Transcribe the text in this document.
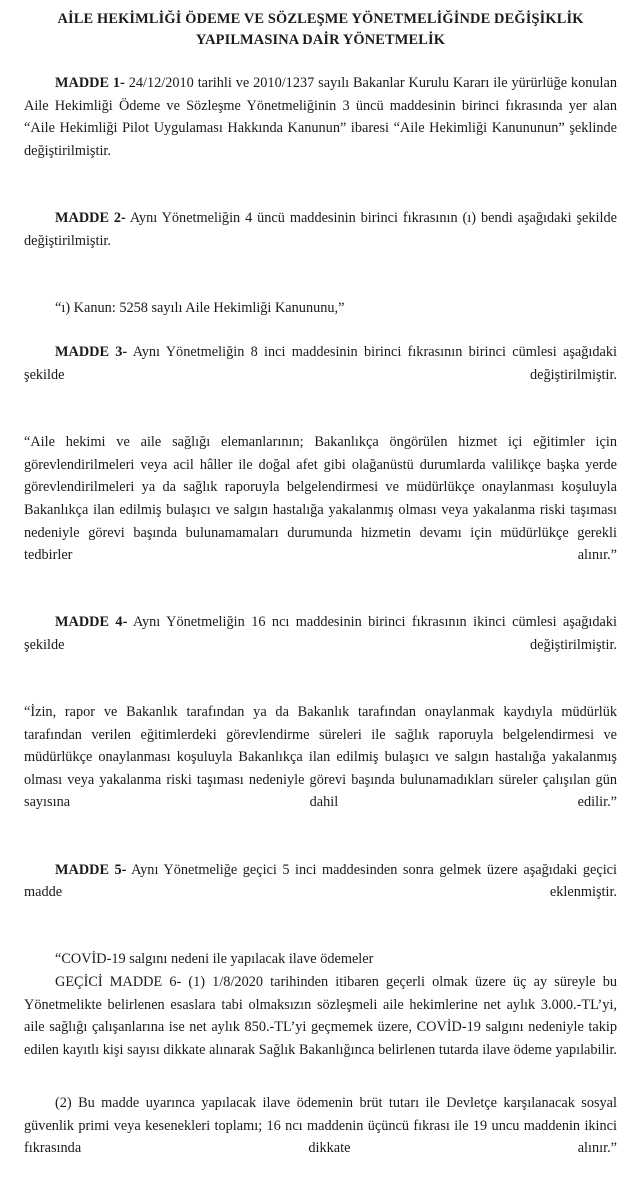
AİLE HEKİMLİĞİ ÖDEME VE SÖZLEŞME YÖNETMELİĞİNDE DEĞİŞİKLİK
YAPILMASINA DAİR YÖNETMELİK

MADDE 1- 24/12/2010 tarihli ve 2010/1237 sayılı Bakanlar Kurulu Kararı ile yürürlüğe konulan Aile Hekimliği Ödeme ve Sözleşme Yönetmeliğinin 3 üncü maddesinin birinci fıkrasında yer alan “Aile Hekimliği Pilot Uygulaması Hakkında Kanunun” ibaresi “Aile Hekimliği Kanununun” şeklinde değiştirilmiştir.

MADDE 2- Aynı Yönetmeliğin 4 üncü maddesinin birinci fıkrasının (ı) bendi aşağıdaki şekilde değiştirilmiştir.

“ı) Kanun: 5258 sayılı Aile Hekimliği Kanununu,”

MADDE 3- Aynı Yönetmeliğin 8 inci maddesinin birinci fıkrasının birinci cümlesi aşağıdaki şekilde değiştirilmiştir.

“Aile hekimi ve aile sağlığı elemanlarının; Bakanlıkça öngörülen hizmet içi eğitimler için görevlendirilmeleri veya acil hâller ile doğal afet gibi olağanüstü durumlarda valilikçe başka yerde görevlendirilmeleri ya da sağlık raporuyla belgelendirmesi ve müdürlükçe onaylanması koşuluyla Bakanlıkça ilan edilmiş bulaşıcı ve salgın hastalığa yakalanmış olması veya yakalanma riski taşıması nedeniyle görevi başında bulunamamaları durumunda hizmetin devamı için müdürlükçe gerekli tedbirler alınır.”

MADDE 4- Aynı Yönetmeliğin 16 ncı maddesinin birinci fıkrasının ikinci cümlesi aşağıdaki şekilde değiştirilmiştir.

“İzin, rapor ve Bakanlık tarafından ya da Bakanlık tarafından onaylanmak kaydıyla müdürlük tarafından verilen eğitimlerdeki görevlendirme süreleri ile sağlık raporuyla belgelendirmesi ve müdürlükçe onaylanması koşuluyla Bakanlıkça ilan edilmiş bulaşıcı ve salgın hastalığa yakalanmış olması veya yakalanma riski taşıması nedeniyle görevi başında bulunamadıkları süreler çalışılan gün sayısına dahil edilir.”

MADDE 5- Aynı Yönetmeliğe geçici 5 inci maddesinden sonra gelmek üzere aşağıdaki geçici madde eklenmiştir.

“COVİD-19 salgını nedeni ile yapılacak ilave ödemeler

GEÇİCİ MADDE 6- (1) 1/8/2020 tarihinden itibaren geçerli olmak üzere üç ay süreyle bu Yönetmelikte belirlenen esaslara tabi olmaksızın sözleşmeli aile hekimlerine net aylık 3.000.-TL’yi, aile sağlığı çalışanlarına ise net aylık 850.-TL’yi geçmemek üzere, COVİD-19 salgını nedeniyle takip edilen kayıtlı kişi sayısı dikkate alınarak Sağlık Bakanlığınca belirlenen tutarda ilave ödeme yapılabilir.

(2) Bu madde uyarınca yapılacak ilave ödemenin brüt tutarı ile Devletçe karşılanacak sosyal güvenlik primi veya kesenekleri toplamı; 16 ncı maddenin üçüncü fıkrası ile 19 uncu maddenin ikinci fıkrasında dikkate alınır.”
